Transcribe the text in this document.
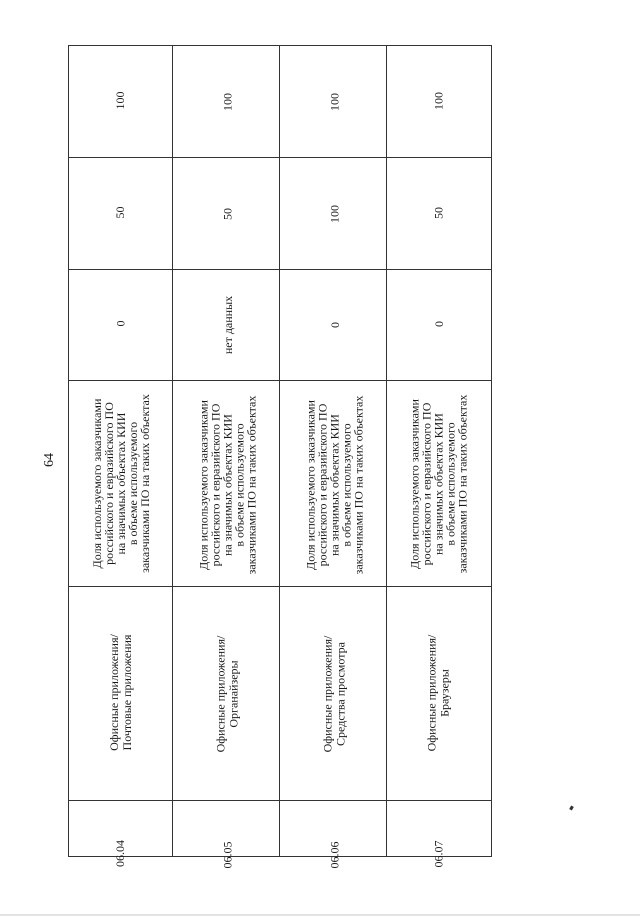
64
100
50
0
Доля используемого заказчиками
российского и евразийского ПО
на значимых объектах КИИ
в объеме используемого
заказчиками ПО на таких объектах
Офисные приложения/
Почтовые приложения
06.04
100
50
нет данных
Доля используемого заказчиками
российского и евразийского ПО
на значимых объектах КИИ
в объеме используемого
заказчиками ПО на таких объектах
Офисные приложения/
Органайзеры
06.05
100
100
0
Доля используемого заказчиками
российского и евразийского ПО
на значимых объектах КИИ
в объеме используемого
заказчиками ПО на таких объектах
Офисные приложения/
Средства просмотра
06.06
100
50
0
Доля используемого заказчиками
российского и евразийского ПО
на значимых объектах КИИ
в объеме используемого
заказчиками ПО на таких объектах
Офисные приложения/
Браузеры
06.07
